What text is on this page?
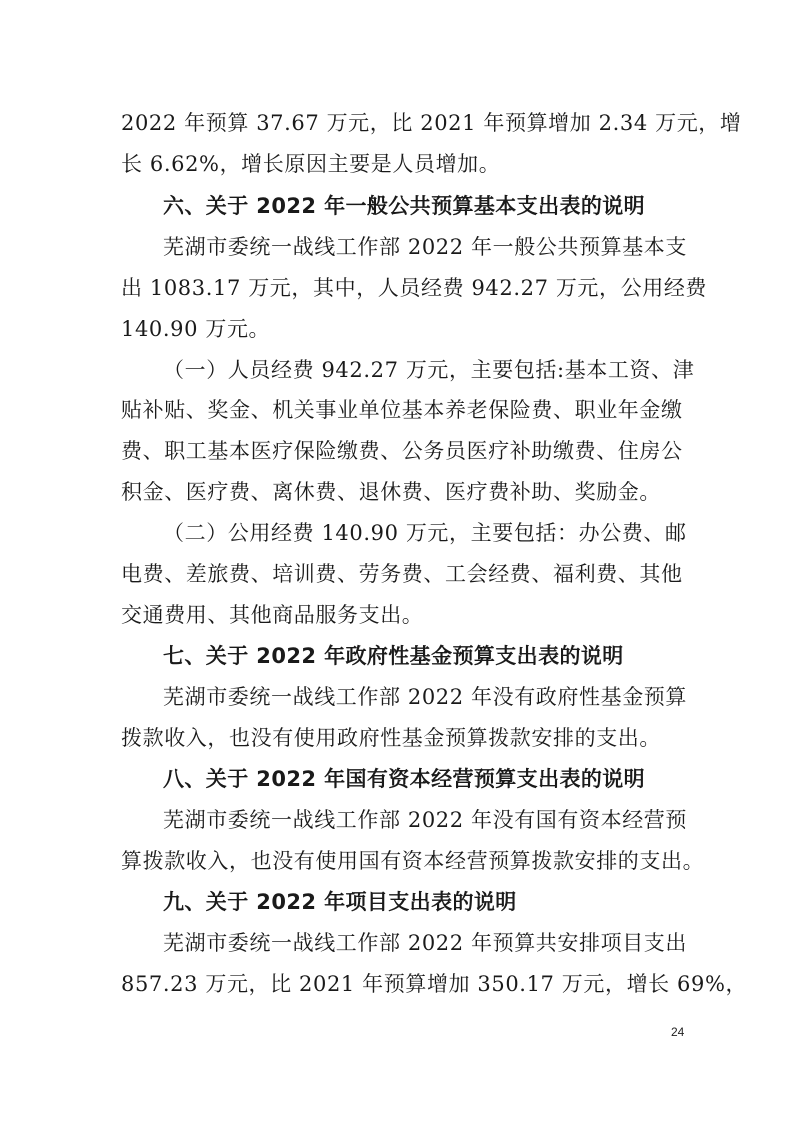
2022 年预算 37.67 万元，比 2021 年预算增加 2.34 万元，增
长 6.62%，增长原因主要是人员增加。
六、关于 2022 年一般公共预算基本支出表的说明
芜湖市委统一战线工作部 2022 年一般公共预算基本支
出 1083.17 万元，其中，人员经费 942.27 万元，公用经费
140.90 万元。
（一）人员经费 942.27 万元，主要包括:基本工资、津
贴补贴、奖金、机关事业单位基本养老保险费、职业年金缴
费、职工基本医疗保险缴费、公务员医疗补助缴费、住房公
积金、医疗费、离休费、退休费、医疗费补助、奖励金。
（二）公用经费 140.90 万元，主要包括：办公费、邮
电费、差旅费、培训费、劳务费、工会经费、福利费、其他
交通费用、其他商品服务支出。
七、关于 2022 年政府性基金预算支出表的说明
芜湖市委统一战线工作部 2022 年没有政府性基金预算
拨款收入，也没有使用政府性基金预算拨款安排的支出。
八、关于 2022 年国有资本经营预算支出表的说明
芜湖市委统一战线工作部 2022 年没有国有资本经营预
算拨款收入，也没有使用国有资本经营预算拨款安排的支出。
九、关于 2022 年项目支出表的说明
芜湖市委统一战线工作部 2022 年预算共安排项目支出
857.23 万元，比 2021 年预算增加 350.17 万元，增长 69%，
24
